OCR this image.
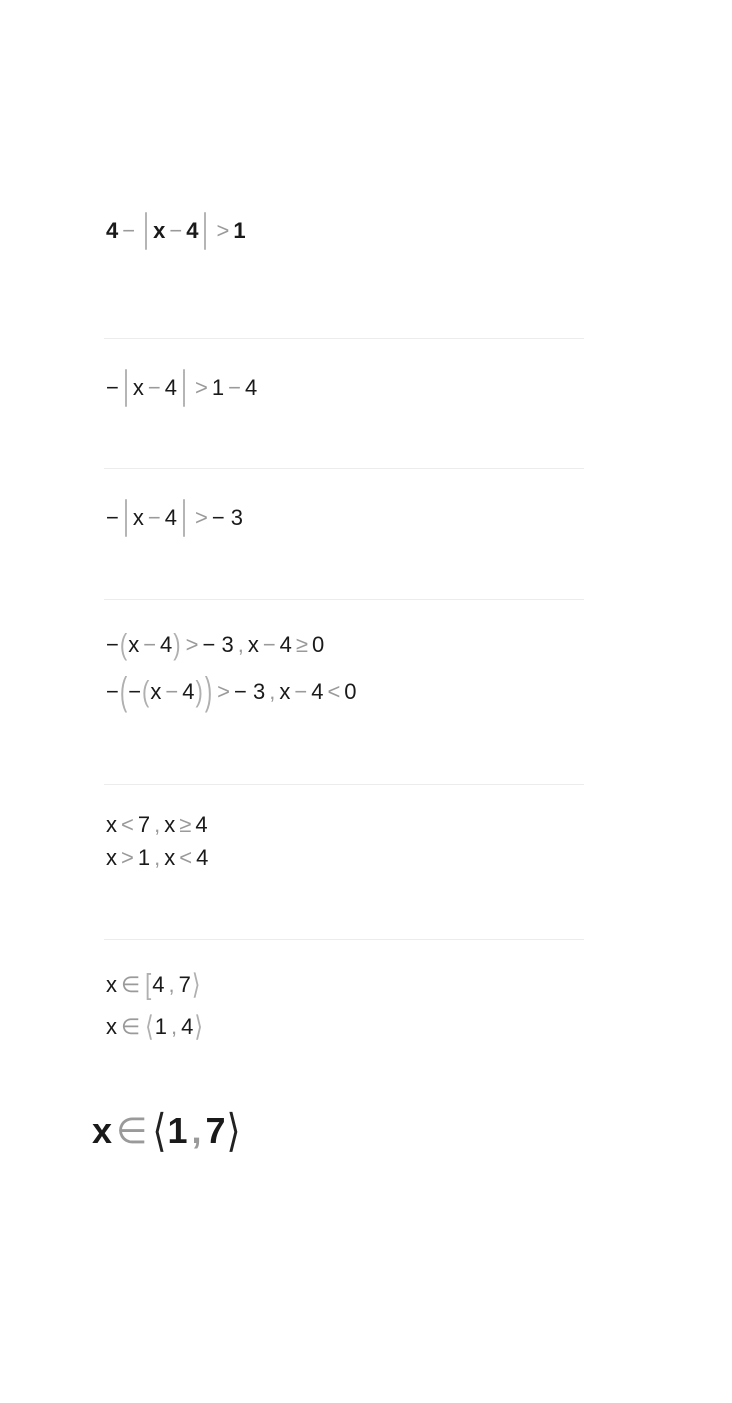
4 − x − 4 > 1
− x − 4 > 1 − 4
− x − 4 > − 3
− ( x − 4 ) > − 3 , x − 4 ≥ 0
− ( − ( x − 4 ) ) > − 3 , x − 4 < 0
x < 7 , x ≥ 4
x > 1 , x < 4
x ∈ [ 4 , 7 ⟩
x ∈ ⟨ 1 , 4 ⟩
x ∈ ⟨ 1 , 7 ⟩
